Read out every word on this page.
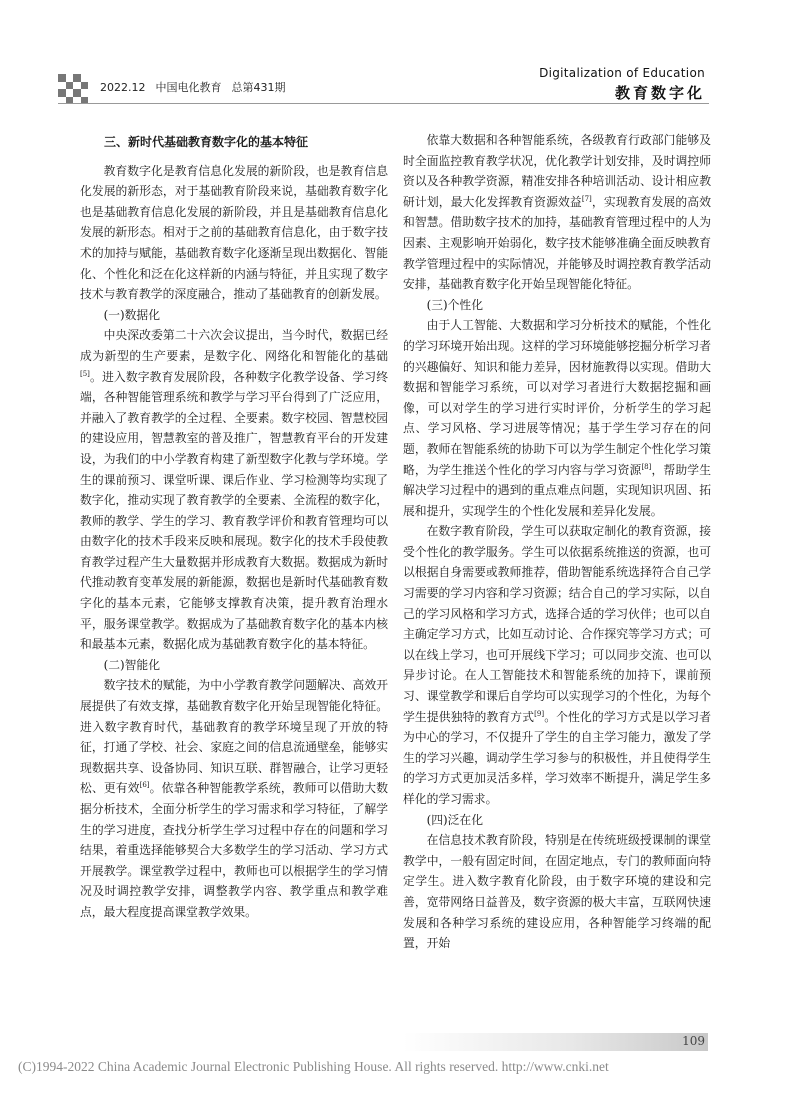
2022.12 中国电化教育 总第431期
Digitalization of Education
教育数字化
三、新时代基础教育数字化的基本特征

教育数字化是教育信息化发展的新阶段，也是教育信息化发展的新形态，对于基础教育阶段来说，基础教育数字化也是基础教育信息化发展的新阶段，并且是基础教育信息化发展的新形态。相对于之前的基础教育信息化，由于数字技术的加持与赋能，基础教育数字化逐渐呈现出数据化、智能化、个性化和泛在化这样新的内涵与特征，并且实现了数字技术与教育教学的深度融合，推动了基础教育的创新发展。

(一)数据化

中央深改委第二十六次会议提出，当今时代，数据已经成为新型的生产要素，是数字化、网络化和智能化的基础[5]。进入数字教育发展阶段，各种数字化教学设备、学习终端，各种智能管理系统和教学与学习平台得到了广泛应用，并融入了教育教学的全过程、全要素。数字校园、智慧校园的建设应用，智慧教室的普及推广，智慧教育平台的开发建设，为我们的中小学教育构建了新型数字化教与学环境。学生的课前预习、课堂听课、课后作业、学习检测等均实现了数字化，推动实现了教育教学的全要素、全流程的数字化，教师的教学、学生的学习、教育教学评价和教育管理均可以由数字化的技术手段来反映和展现。数字化的技术手段使教育教学过程产生大量数据并形成教育大数据。数据成为新时代推动教育变革发展的新能源，数据也是新时代基础教育数字化的基本元素，它能够支撑教育决策，提升教育治理水平，服务课堂教学。数据成为了基础教育数字化的基本内核和最基本元素，数据化成为基础教育数字化的基本特征。

(二)智能化

数字技术的赋能，为中小学教育教学问题解决、高效开展提供了有效支撑，基础教育数字化开始呈现智能化特征。进入数字教育时代，基础教育的教学环境呈现了开放的特征，打通了学校、社会、家庭之间的信息流通壁垒，能够实现数据共享、设备协同、知识互联、群智融合，让学习更轻松、更有效[6]。依靠各种智能教学系统，教师可以借助大数据分析技术，全面分析学生的学习需求和学习特征，了解学生的学习进度，查找分析学生学习过程中存在的问题和学习结果，着重选择能够契合大多数学生的学习活动、学习方式开展教学。课堂教学过程中，教师也可以根据学生的学习情况及时调控教学安排，调整教学内容、教学重点和教学难点，最大程度提高课堂教学效果。

依靠大数据和各种智能系统，各级教育行政部门能够及时全面监控教育教学状况，优化教学计划安排，及时调控师资以及各种教学资源，精准安排各种培训活动、设计相应教研计划，最大化发挥教育资源效益[7]，实现教育发展的高效和智慧。借助数字技术的加持，基础教育管理过程中的人为因素、主观影响开始弱化，数字技术能够准确全面反映教育教学管理过程中的实际情况，并能够及时调控教育教学活动安排，基础教育数字化开始呈现智能化特征。

(三)个性化

由于人工智能、大数据和学习分析技术的赋能，个性化的学习环境开始出现。这样的学习环境能够挖掘分析学习者的兴趣偏好、知识和能力差异，因材施教得以实现。借助大数据和智能学习系统，可以对学习者进行大数据挖掘和画像，可以对学生的学习进行实时评价，分析学生的学习起点、学习风格、学习进展等情况；基于学生学习存在的问题，教师在智能系统的协助下可以为学生制定个性化学习策略，为学生推送个性化的学习内容与学习资源[8]，帮助学生解决学习过程中的遇到的重点难点问题，实现知识巩固、拓展和提升，实现学生的个性化发展和差异化发展。

在数字教育阶段，学生可以获取定制化的教育资源，接受个性化的教学服务。学生可以依据系统推送的资源，也可以根据自身需要或教师推荐，借助智能系统选择符合自己学习需要的学习内容和学习资源；结合自己的学习实际，以自己的学习风格和学习方式，选择合适的学习伙伴；也可以自主确定学习方式，比如互动讨论、合作探究等学习方式；可以在线上学习，也可开展线下学习；可以同步交流、也可以异步讨论。在人工智能技术和智能系统的加持下，课前预习、课堂教学和课后自学均可以实现学习的个性化，为每个学生提供独特的教育方式[9]。个性化的学习方式是以学习者为中心的学习，不仅提升了学生的自主学习能力，激发了学生的学习兴趣，调动学生学习参与的积极性，并且使得学生的学习方式更加灵活多样，学习效率不断提升，满足学生多样化的学习需求。

(四)泛在化

在信息技术教育阶段，特别是在传统班级授课制的课堂教学中，一般有固定时间，在固定地点，专门的教师面向特定学生。进入数字教育化阶段，由于数字环境的建设和完善，宽带网络日益普及，数字资源的极大丰富，互联网快速发展和各种学习系统的建设应用，各种智能学习终端的配置，开始

109
(C)1994-2022 China Academic Journal Electronic Publishing House. All rights reserved. http://www.cnki.net
